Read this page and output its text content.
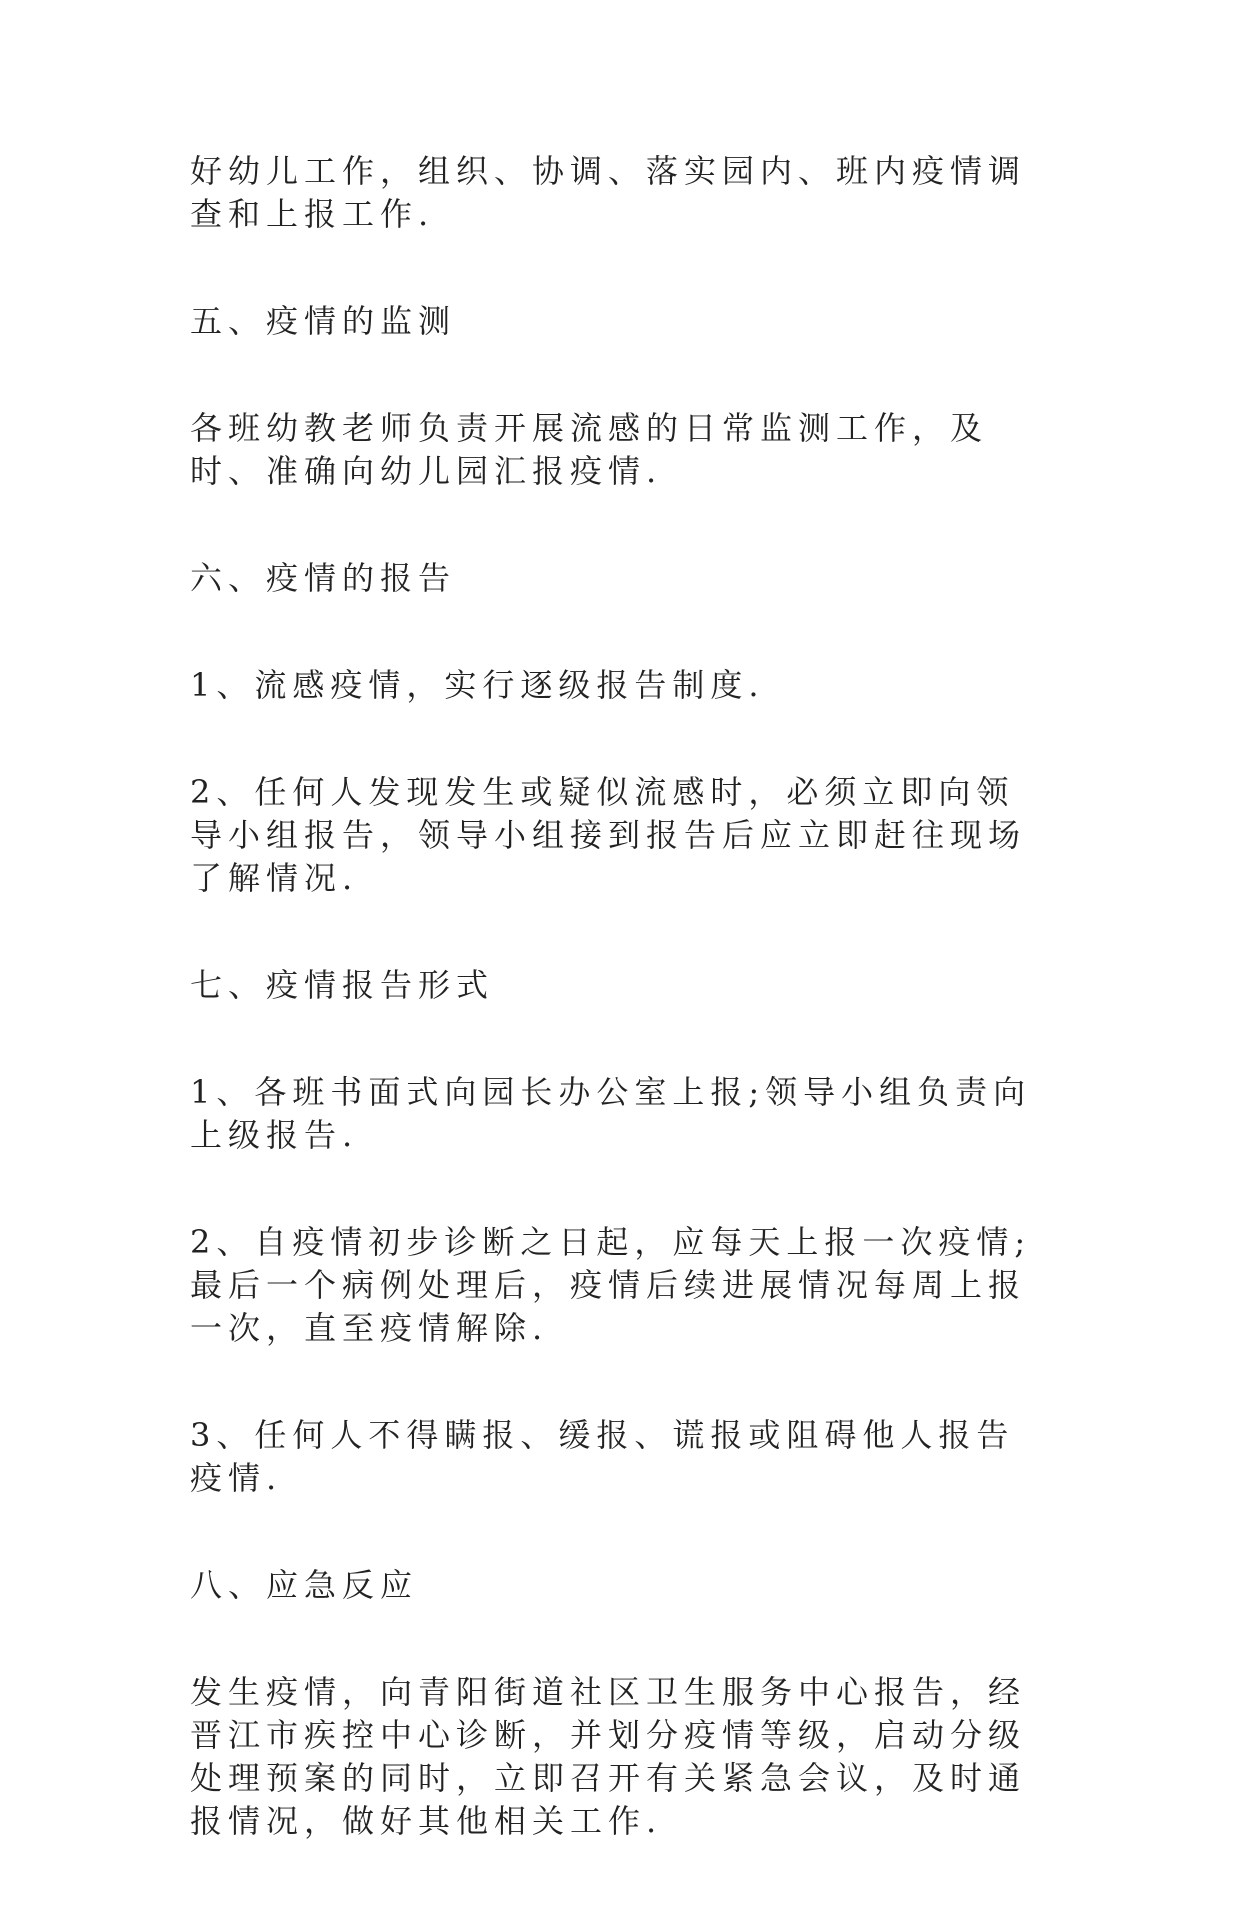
好幼儿工作，组织、协调、落实园内、班内疫情调查和上报工作.

五、疫情的监测

各班幼教老师负责开展流感的日常监测工作，及时、准确向幼儿园汇报疫情.

六、疫情的报告

1、流感疫情，实行逐级报告制度.

2、任何人发现发生或疑似流感时，必须立即向领导小组报告，领导小组接到报告后应立即赶往现场了解情况.

七、疫情报告形式

1、各班书面式向园长办公室上报;领导小组负责向上级报告.

2、自疫情初步诊断之日起，应每天上报一次疫情;最后一个病例处理后，疫情后续进展情况每周上报一次，直至疫情解除.

3、任何人不得瞒报、缓报、谎报或阻碍他人报告疫情.

八、应急反应

发生疫情，向青阳街道社区卫生服务中心报告，经晋江市疾控中心诊断，并划分疫情等级，启动分级处理预案的同时，立即召开有关紧急会议，及时通报情况，做好其他相关工作.
